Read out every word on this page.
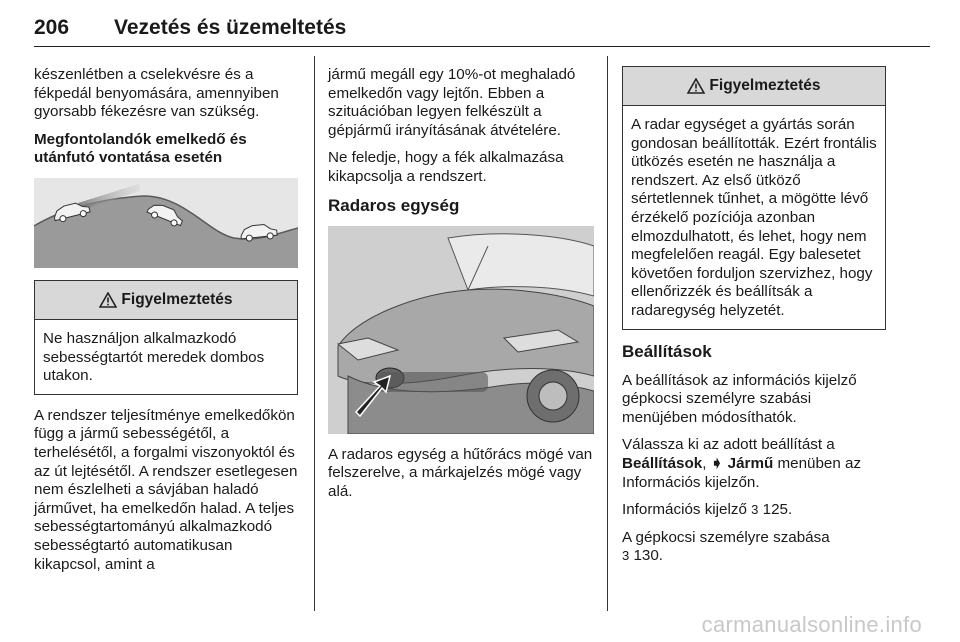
206 Vezetés és üzemeltetés

készenlétben a cselekvésre és a fékpedál benyomására, amennyiben gyorsabb fékezésre van szükség.

Megfontolandók emelkedő és utánfutó vontatása esetén
Figyelmeztetés

Ne használjon alkalmazkodó sebességtartót meredek dombos utakon.

A rendszer teljesítménye emelkedőkön függ a jármű sebességétől, a terhelésétől, a forgalmi viszonyoktól és az út lejtésétől. A rendszer esetlegesen nem észlelheti a sávjában haladó járművet, ha emelkedőn halad. A teljes sebességtartományú alkalmazkodó sebességtartó automatikusan kikapcsol, amint a

jármű megáll egy 10%-ot meghaladó emelkedőn vagy lejtőn. Ebben a szituációban legyen felkészült a gépjármű irányításának átvételére.

Ne feledje, hogy a fék alkalmazása kikapcsolja a rendszert.

Radaros egység

A radaros egység a hűtőrács mögé van felszerelve, a márkajelzés mögé vagy alá.

Figyelmeztetés

A radar egységet a gyártás során gondosan beállították. Ezért frontális ütközés esetén ne használja a rendszert. Az első ütköző sértetlennek tűnhet, a mögötte lévő érzékelő pozíciója azonban elmozdulhatott, és lehet, hogy nem megfelelően reagál. Egy balesetet követően forduljon szervizhez, hogy ellenőrizzék és beállítsák a radaregység helyzetét.

Beállítások

A beállítások az információs kijelző gépkocsi személyre szabási menüjében módosíthatók.

Válassza ki az adott beállítást a Beállítások, ➧ Jármű menüben az Információs kijelzőn.

Információs kijelző 3 125.

A gépkocsi személyre szabása
3 130.

carmanualsonline.info
